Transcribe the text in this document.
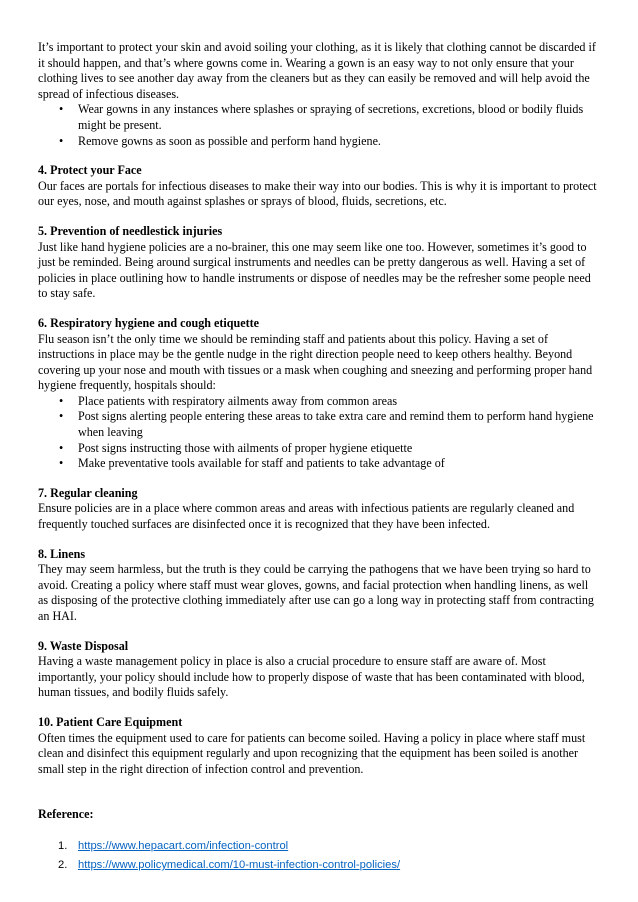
It’s important to protect your skin and avoid soiling your clothing, as it is likely that clothing cannot be discarded if it should happen, and that’s where gowns come in. Wearing a gown is an easy way to not only ensure that your clothing lives to see another day away from the cleaners but as they can easily be removed and will help avoid the spread of infectious diseases.

• Wear gowns in any instances where splashes or spraying of secretions, excretions, blood or bodily fluids might be present.
• Remove gowns as soon as possible and perform hand hygiene.

4. Protect your Face

Our faces are portals for infectious diseases to make their way into our bodies. This is why it is important to protect our eyes, nose, and mouth against splashes or sprays of blood, fluids, secretions, etc.

5. Prevention of needlestick injuries

Just like hand hygiene policies are a no-brainer, this one may seem like one too. However, sometimes it’s good to just be reminded. Being around surgical instruments and needles can be pretty dangerous as well. Having a set of policies in place outlining how to handle instruments or dispose of needles may be the refresher some people need to stay safe.

6. Respiratory hygiene and cough etiquette

Flu season isn’t the only time we should be reminding staff and patients about this policy. Having a set of instructions in place may be the gentle nudge in the right direction people need to keep others healthy. Beyond covering up your nose and mouth with tissues or a mask when coughing and sneezing and performing proper hand hygiene frequently, hospitals should:

• Place patients with respiratory ailments away from common areas
• Post signs alerting people entering these areas to take extra care and remind them to perform hand hygiene when leaving
• Post signs instructing those with ailments of proper hygiene etiquette
• Make preventative tools available for staff and patients to take advantage of

7. Regular cleaning

Ensure policies are in a place where common areas and areas with infectious patients are regularly cleaned and frequently touched surfaces are disinfected once it is recognized that they have been infected.

8. Linens

They may seem harmless, but the truth is they could be carrying the pathogens that we have been trying so hard to avoid. Creating a policy where staff must wear gloves, gowns, and facial protection when handling linens, as well as disposing of the protective clothing immediately after use can go a long way in protecting staff from contracting an HAI.

9. Waste Disposal

Having a waste management policy in place is also a crucial procedure to ensure staff are aware of. Most importantly, your policy should include how to properly dispose of waste that has been contaminated with blood, human tissues, and bodily fluids safely.

10. Patient Care Equipment

Often times the equipment used to care for patients can become soiled. Having a policy in place where staff must clean and disinfect this equipment regularly and upon recognizing that the equipment has been soiled is another small step in the right direction of infection control and prevention.

Reference:

1. https://www.hepacart.com/infection-control
2. https://www.policymedical.com/10-must-infection-control-policies/
